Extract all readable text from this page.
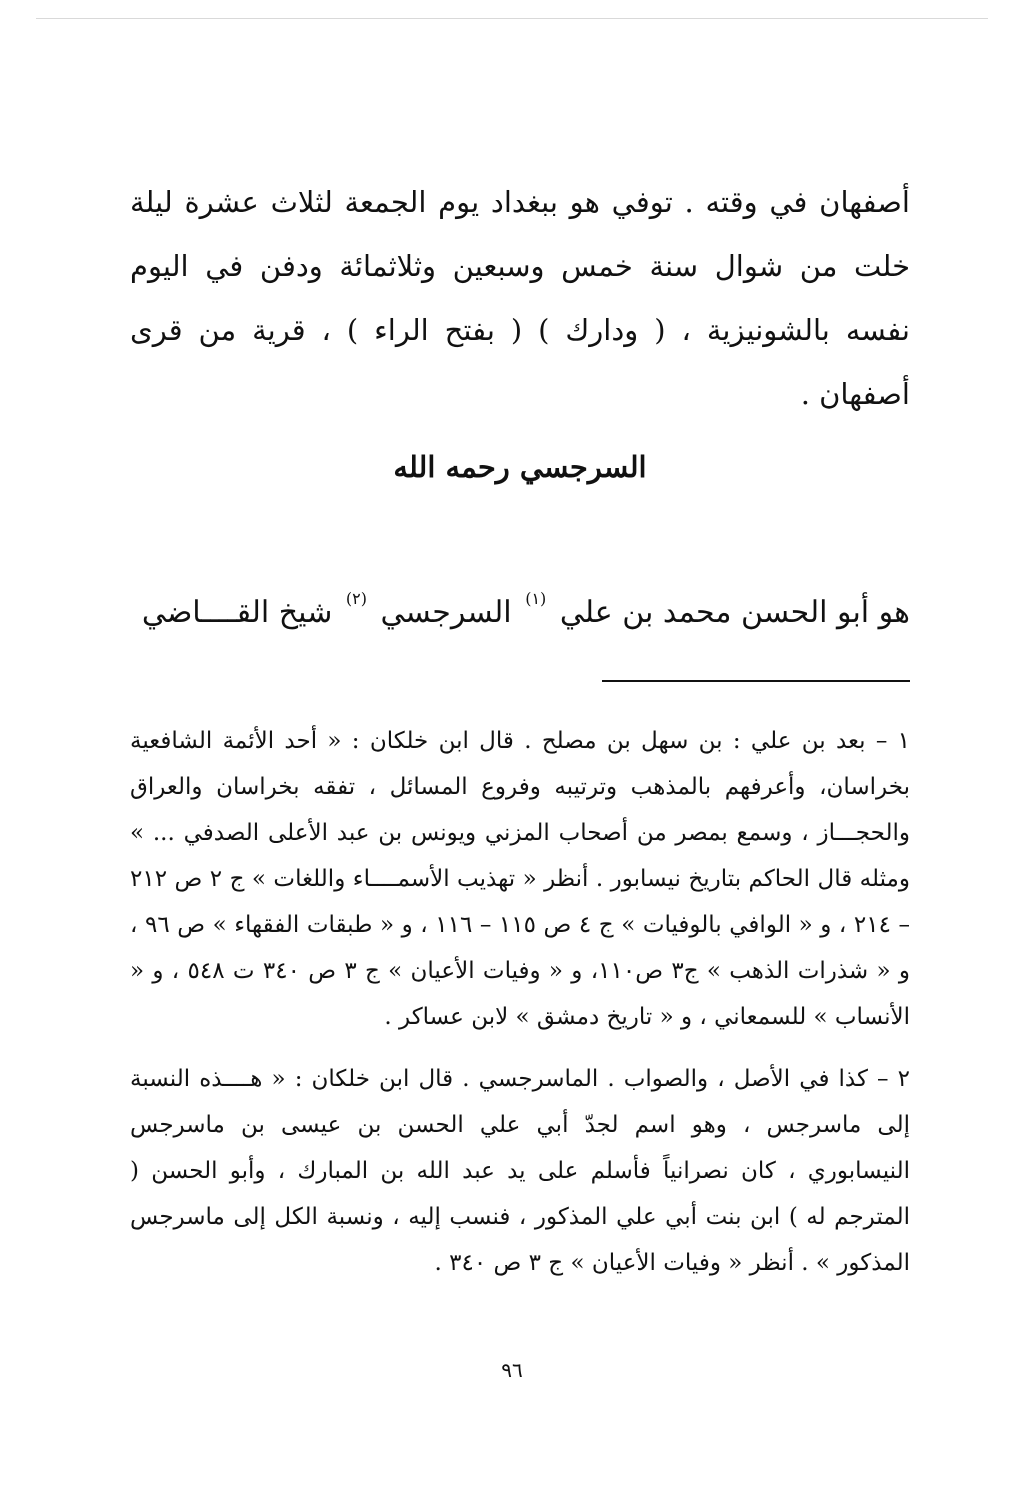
أصفهان في وقته . توفي هو ببغداد يوم الجمعة لثلاث عشرة ليلة خلت من شوال سنة خمس وسبعين وثلاثمائة ودفن في اليوم نفسه بالشونيزية ، ( ودارك ) ( بفتح الراء ) ، قرية من قرى أصفهان .

السرجسي رحمه الله

هو أبو الحسن محمد بن علي $^{(١)}$ السرجسي $^{(٢)}$ شيخ القــــاضي

١ – بعد بن علي : بن سهل بن مصلح . قال ابن خلكان : « أحد الأئمة الشافعية بخراسان، وأعرفهم بالمذهب وترتيبه وفروع المسائل ، تفقه بخراسان والعراق والحجـــاز ، وسمع بمصر من أصحاب المزني ويونس بن عبد الأعلى الصدفي ... » ومثله قال الحاكم بتاريخ نيسابور . أنظر « تهذيب الأسمــــاء واللغات » ج ٢ ص ٢١٢ – ٢١٤ ، و « الوافي بالوفيات » ج ٤ ص ١١٥ – ١١٦ ، و « طبقات الفقهاء » ص ٩٦ ، و « شذرات الذهب » ج٣ ص١١٠، و « وفيات الأعيان » ج ٣ ص ٣٤٠ ت ٥٤٨ ، و « الأنساب » للسمعاني ، و « تاريخ دمشق » لابن عساكر .

٢ – كذا في الأصل ، والصواب . الماسرجسي . قال ابن خلكان : « هــــذه النسبة إلى ماسرجس ، وهو اسم لجدّ أبي علي الحسن بن عيسى بن ماسرجس النيسابوري ، كان نصرانياً فأسلم على يد عبد الله بن المبارك ، وأبو الحسن ( المترجم له ) ابن بنت أبي علي المذكور ، فنسب إليه ، ونسبة الكل إلى ماسرجس المذكور » . أنظر « وفيات الأعيان » ج ٣ ص ٣٤٠ .

٩٦
